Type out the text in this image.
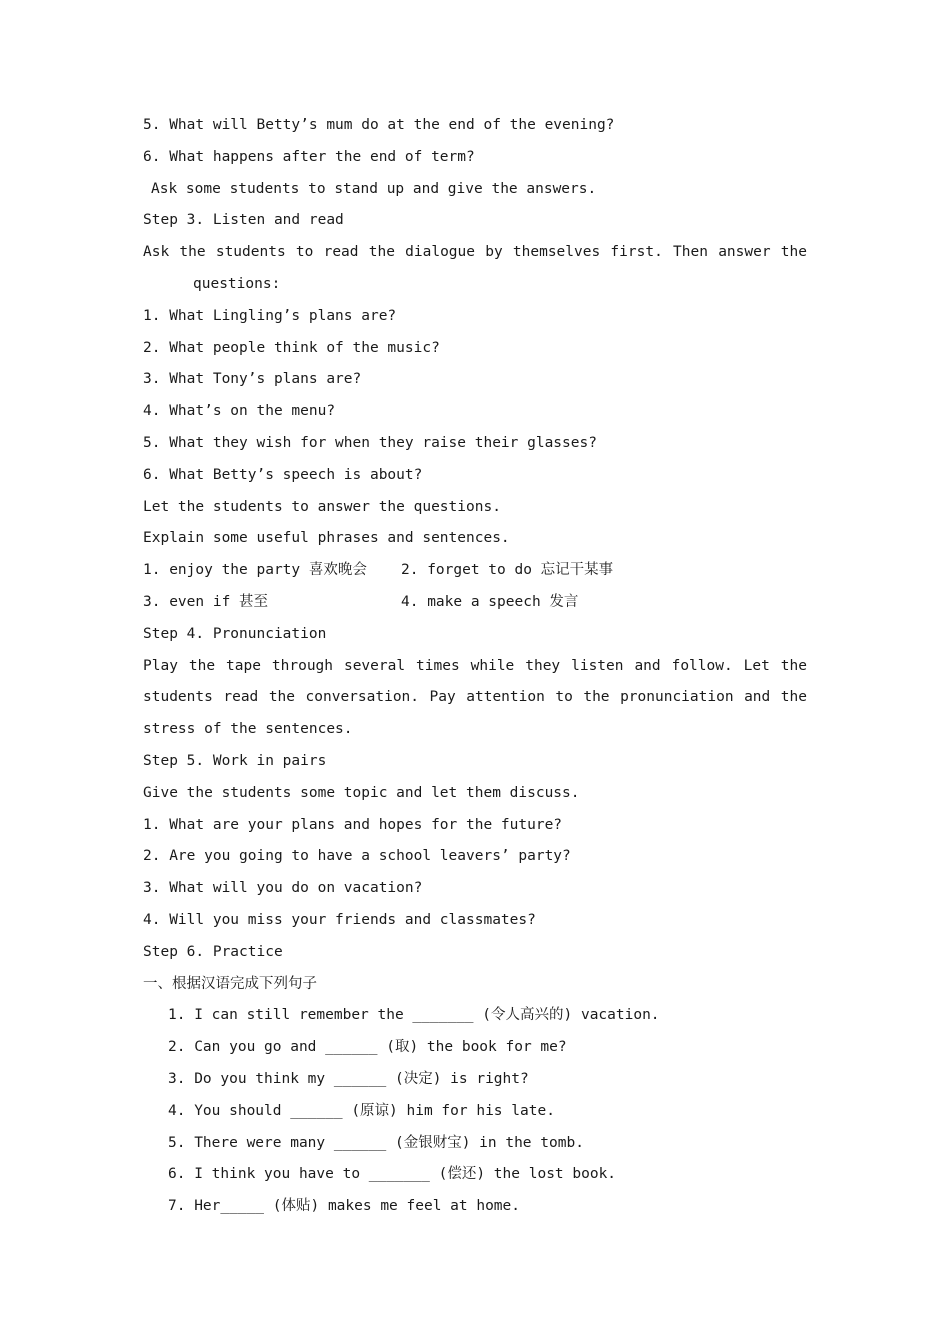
5. What will Betty’s mum do at the end of the evening?
6. What happens after the end of term?
Ask some students to stand up and give the answers.
Step 3. Listen and read
Ask the students to read the dialogue by themselves first. Then answer the
questions:
1. What Lingling’s plans are?
2. What people think of the music?
3. What Tony’s plans are?
4. What’s on the menu?
5. What they wish for when they raise their glasses?
6. What Betty’s speech is about?
Let the students to answer the questions.
Explain some useful phrases and sentences.
1. enjoy the party 喜欢晚会 2. forget to do 忘记干某事
3. even if 甚至	4. make a speech 发言
Step 4. Pronunciation
Play the tape through several times while they listen and follow. Let the
students read the conversation. Pay attention to the pronunciation and the
stress of the sentences.
Step 5. Work in pairs
Give the students some topic and let them discuss.
1. What are your plans and hopes for the future?
2. Are you going to have a school leavers’ party?
3. What will you do on vacation?
4. Will you miss your friends and classmates?
Step 6. Practice
一、根据汉语完成下列句子
1. I can still remember the _______ (令人高兴的) vacation.
2. Can you go and ______ (取) the book for me?
3. Do you think my ______ (决定) is right?
4. You should ______ (原谅) him for his late.
5. There were many ______ (金银财宝) in the tomb.
6. I think you have to _______ (偿还) the lost book.
7. Her_____ (体贴) makes me feel at home.
